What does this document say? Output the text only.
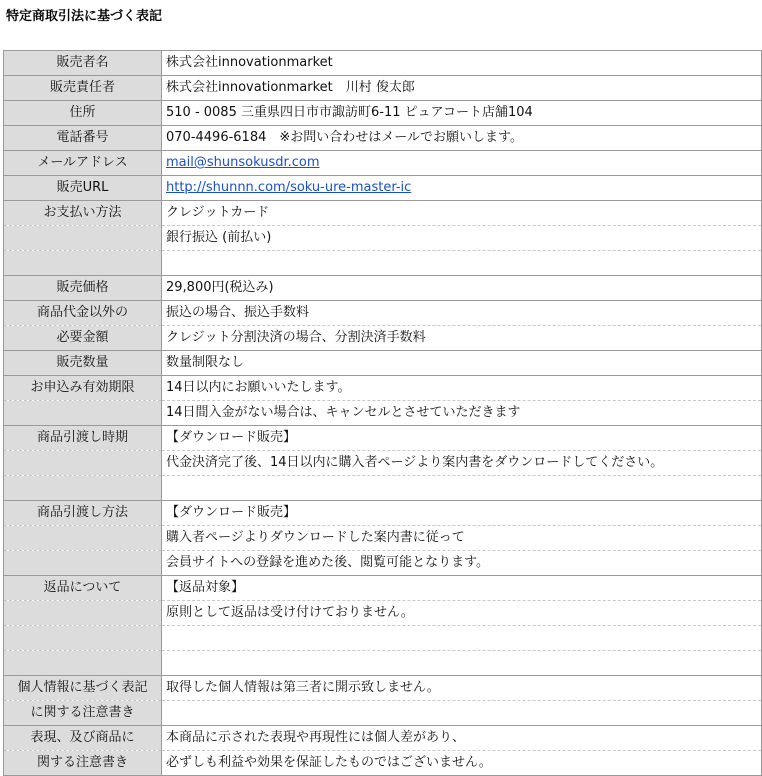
特定商取引法に基づく表記
販売者名	株式会社innovationmarket
販売責任者	株式会社innovationmarket　川村 俊太郎
住所	510 - 0085 三重県四日市市諏訪町6-11 ピュアコート店舗104
電話番号	070-4496-6184　※お問い合わせはメールでお願いします。
メールアドレス	mail@shunsokusdr.com
販売URL	http://shunnn.com/soku-ure-master-ic
お支払い方法	クレジットカード
	銀行振込 (前払い)

販売価格	29,800円(税込み)
商品代金以外の	振込の場合、振込手数料
必要金額	クレジット分割決済の場合、分割決済手数料
販売数量	数量制限なし
お申込み有効期限	14日以内にお願いいたします。
	14日間入金がない場合は、キャンセルとさせていただきます
商品引渡し時期	【ダウンロード販売】
	代金決済完了後、14日以内に購入者ページより案内書をダウンロードしてください。

商品引渡し方法	【ダウンロード販売】
	購入者ページよりダウンロードした案内書に従って
	会員サイトへの登録を進めた後、閲覧可能となります。
返品について	【返品対象】
	原則として返品は受け付けておりません。

個人情報に基づく表記	取得した個人情報は第三者に開示致しません。
に関する注意書き	
表現、及び商品に	本商品に示された表現や再現性には個人差があり、
関する注意書き	必ずしも利益や効果を保証したものではございません。
